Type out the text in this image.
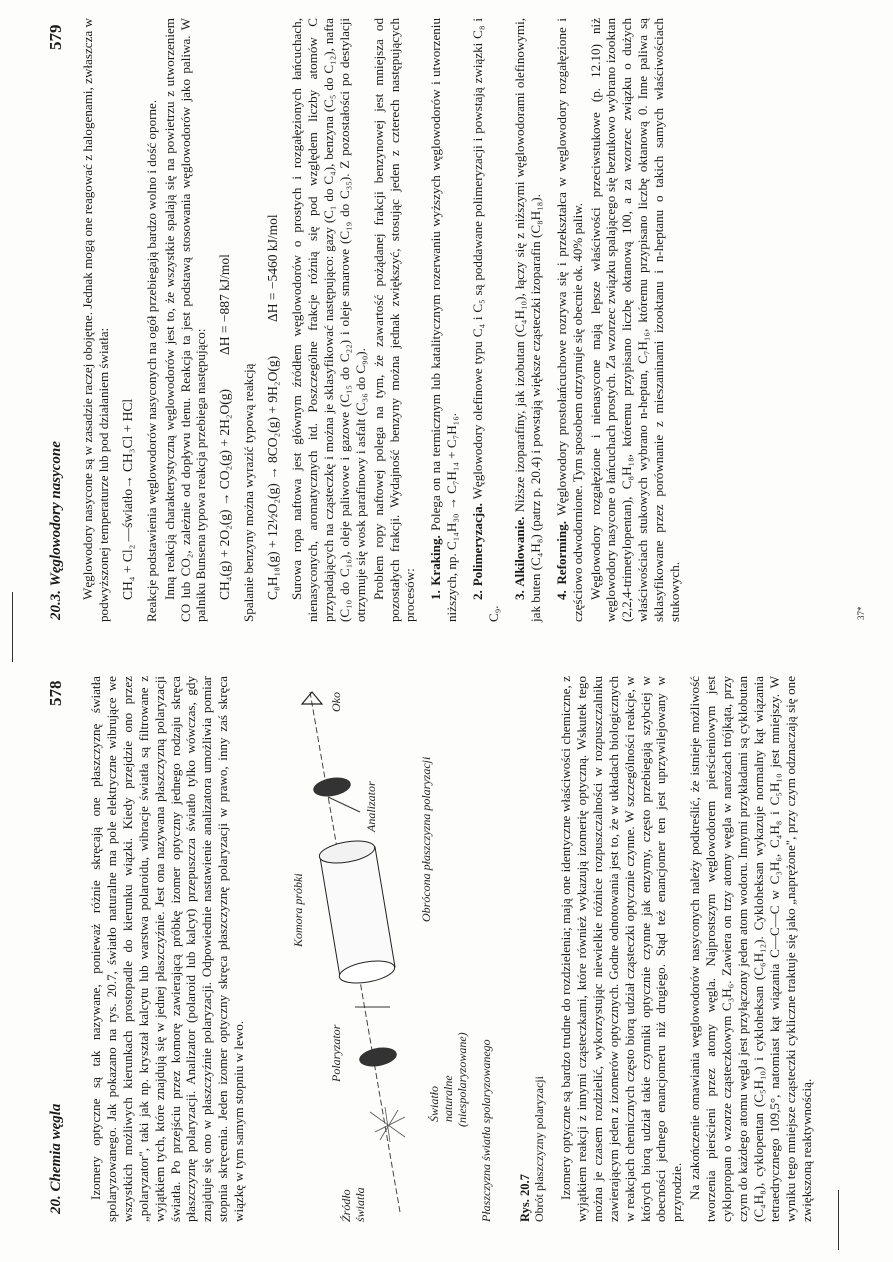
20. Chemia węgla
578 Izomery optyczne są tak nazywane, ponieważ różnie skręcają one płaszczyznę światła spolaryzowanego. Jak pokazano na rys. 20.7, światło naturalne ma pole elektryczne wibrujące we wszystkich możliwych kierunkach prostopadle do kierunku wiązki. Kiedy przejdzie ono przez „polaryzator", taki jak np. kryształ kalcytu lub warstwa polaroidu, wibracje światła są filtrowane z wyjątkiem tych, które znajdują się w jednej płaszczyźnie. Jest ona nazywana płaszczyzną polaryzacji światła. Po przejściu przez komorę zawierającą próbkę izomer optyczny jednego rodzaju skręca płaszczyznę polaryzacji. Analizator (polaroid lub kalcyt) przepuszcza światło tylko wówczas, gdy znajduje się ono w płaszczyźnie polaryzacji. Odpowiednie nastawienie analizatora umożliwia pomiar stopnia skręcenia. Jeden izomer optyczny skręca płaszczyznę polaryzacji w prawo, inny zaś skręca wiązkę w tym samym stopniu w lewo.	Źródło światła
Polaryzator
Światło naturalne (niespolaryzowane)
Komora próbki
Analizator
Oko
Płaszczyzna światła spolaryzowanego
Obrócona płaszczyzna polaryzacji
Rys. 20.7 Obrót płaszczyzny polaryzacji Izomery optyczne są bardzo trudne do rozdzielenia; mają one identyczne właściwości chemiczne, z wyjątkiem reakcji z innymi cząsteczkami, które również wykazują izomerię optyczną. Wskutek tego można je czasem rozdzielić, wykorzystując niewielkie różnice rozpuszczalności w rozpuszczalniku zawierającym jeden z izomerów optycznych. Godne odnotowania jest to, że w układach biologicznych w reakcjach chemicznych często biorą udział cząsteczki optycznie czynne. W szczególności reakcje, w których biorą udział takie czynniki optycznie czynne jak enzymy, często przebiegają szybciej w obecności jednego enancjomeru niż drugiego. Stąd też enancjomer ten jest uprzywilejowany w przyrodzie. Na zakończenie omawiania węglowodorów nasyconych należy podkreślić, że istnieje możliwość tworzenia pierścieni przez atomy węgla. Najprostszym węglowodorem pierścieniowym jest cyklopropan o wzorze cząsteczkowym C₃H₆. Zawiera on trzy atomy węgla w narożach trójkąta, przy czym do każdego atomu węgla jest przyłączony jeden atom wodoru. Innymi przykładami są cyklobutan (C₄H₈), cyklopentan (C₅H₁₀) i cykloheksan (C₆H₁₂). Cykloheksan wykazuje normalny kąt wiązania tetraedrycznego 109,5°, natomiast kąt wiązania C—C—C w C₃H₆, C₄H₈ i C₅H₁₀ jest mniejszy. W wyniku tego mniejsze cząsteczki cykliczne traktuje się jako „naprężone", przy czym odznaczają się one zwiększoną reaktywnością.

20.3. Węglowodory nasycone
579 Węglowodory nasycone są w zasadzie raczej obojętne. Jednak mogą one reagować z halogenami, zwłaszcza w podwyższonej temperaturze lub pod działaniem światła: CH₄ + Cl₂ —światło→ CH₃Cl + HCl Reakcje podstawienia węglowodorów nasyconych na ogół przebiegają bardzo wolno i dość oporne. Inną reakcją charakterystyczną węglowodorów jest to, że wszystkie spalają się na powietrzu z utworzeniem CO lub CO₂, zależnie od dopływu tlenu. Reakcja ta jest podstawą stosowania węglowodorów jako paliwa. W palniku Bunsena typowa reakcja przebiega następująco: CH₄(g) + 2O₂(g) → CO₂(g) + 2H₂O(g)ΔH = −887 kJ/mol

Spalanie benzyny można wyrazić typową reakcją C₈H₁₈(g) + 12½O₂(g) → 8CO₂(g) + 9H₂O(g)ΔH = −5460 kJ/mol Surowa ropa naftowa jest głównym źródłem węglowodorów o prostych i rozgałęzionych łańcuchach, nienasyconych, aromatycznych itd. Poszczególne frakcje różnią się pod względem liczby atomów C przypadających na cząsteczkę i można je sklasyfikować następująco: gazy (C₁ do C₄), benzyna (C₅ do C₁₂), nafta (C₁₀ do C₁₆), oleje paliwowe i gazowe (C₁₅ do C₂₂) i oleje smarowe (C₁₉ do C₃₅). Z pozostałości po destylacji otrzymuje się wosk parafinowy i asfalt (C₃₆ do C₉₀). Problem ropy naftowej polega na tym, że zawartość pożądanej frakcji benzynowej jest mniejsza od pozostałych frakcji. Wydajność benzyny można jednak zwiększyć, stosując jeden z czterech następujących procesów: 1. Kraking. Polega on na termicznym lub katalitycznym rozerwaniu wyższych węglowodorów i utworzeniu niższych, np. C₁₄H₃₀ → C₇H₁₄ + C₇H₁₆. 2. Polimeryzacja. Węglowodory olefinowe typu C₄ i C₅ są poddawane polimeryzacji i powstają związki C₈ i C₉.

3. Alkilowanie. Niższe izoparafiny, jak izobutan (C₄H₁₀), łączy się z niższymi węglowodorami olefinowymi, jak buten (C₄H₈) (patrz p. 20.4) i powstają większe cząsteczki izoparafin (C₈H₁₈). 4. Reforming. Węglowodory prostołańcuchowe rozrywa się i przekształca w węglowodory rozgałęzione i częściowo odwodornione. Tym sposobem otrzymuje się obecnie ok. 40% paliw. Węglowodory rozgałęzione i nienasycone mają lepsze właściwości przeciwstukowe (p. 12.10) niż węglowodory nasycone o łańcuchach prostych. Za wzorzec związku spalającego się beztukowo wybrano izooktan (2,2,4-trimetylopentan), C₈H₁₈, któremu przypisano liczbę oktanową 100, a za wzorzec związku o dużych właściwościach stukowych wybrano n-heptan, C₇H₁₆, któremu przypisano liczbę oktanową 0. Inne paliwa są sklasyfikowane przez porównanie z mieszaninami izooktanu i n-heptanu o takich samych właściwościach stukowych.	37*
